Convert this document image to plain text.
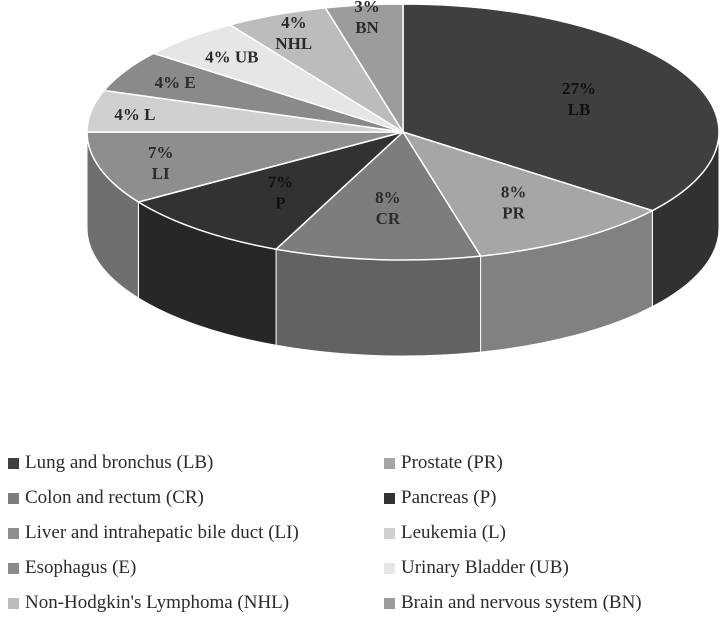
27%
LB
8%
PR
8%
CR
7%
P
7%
LI
4% L
4% E
4% UB
4%
NHL
3%
BN
Lung and bronchus (LB)	Prostate (PR)
Colon and rectum (CR)	Pancreas (P)
Liver and intrahepatic bile duct (LI)	Leukemia (L)
Esophagus (E)	Urinary Bladder (UB)
Non-Hodgkin's Lymphoma (NHL)	Brain and nervous system (BN)
